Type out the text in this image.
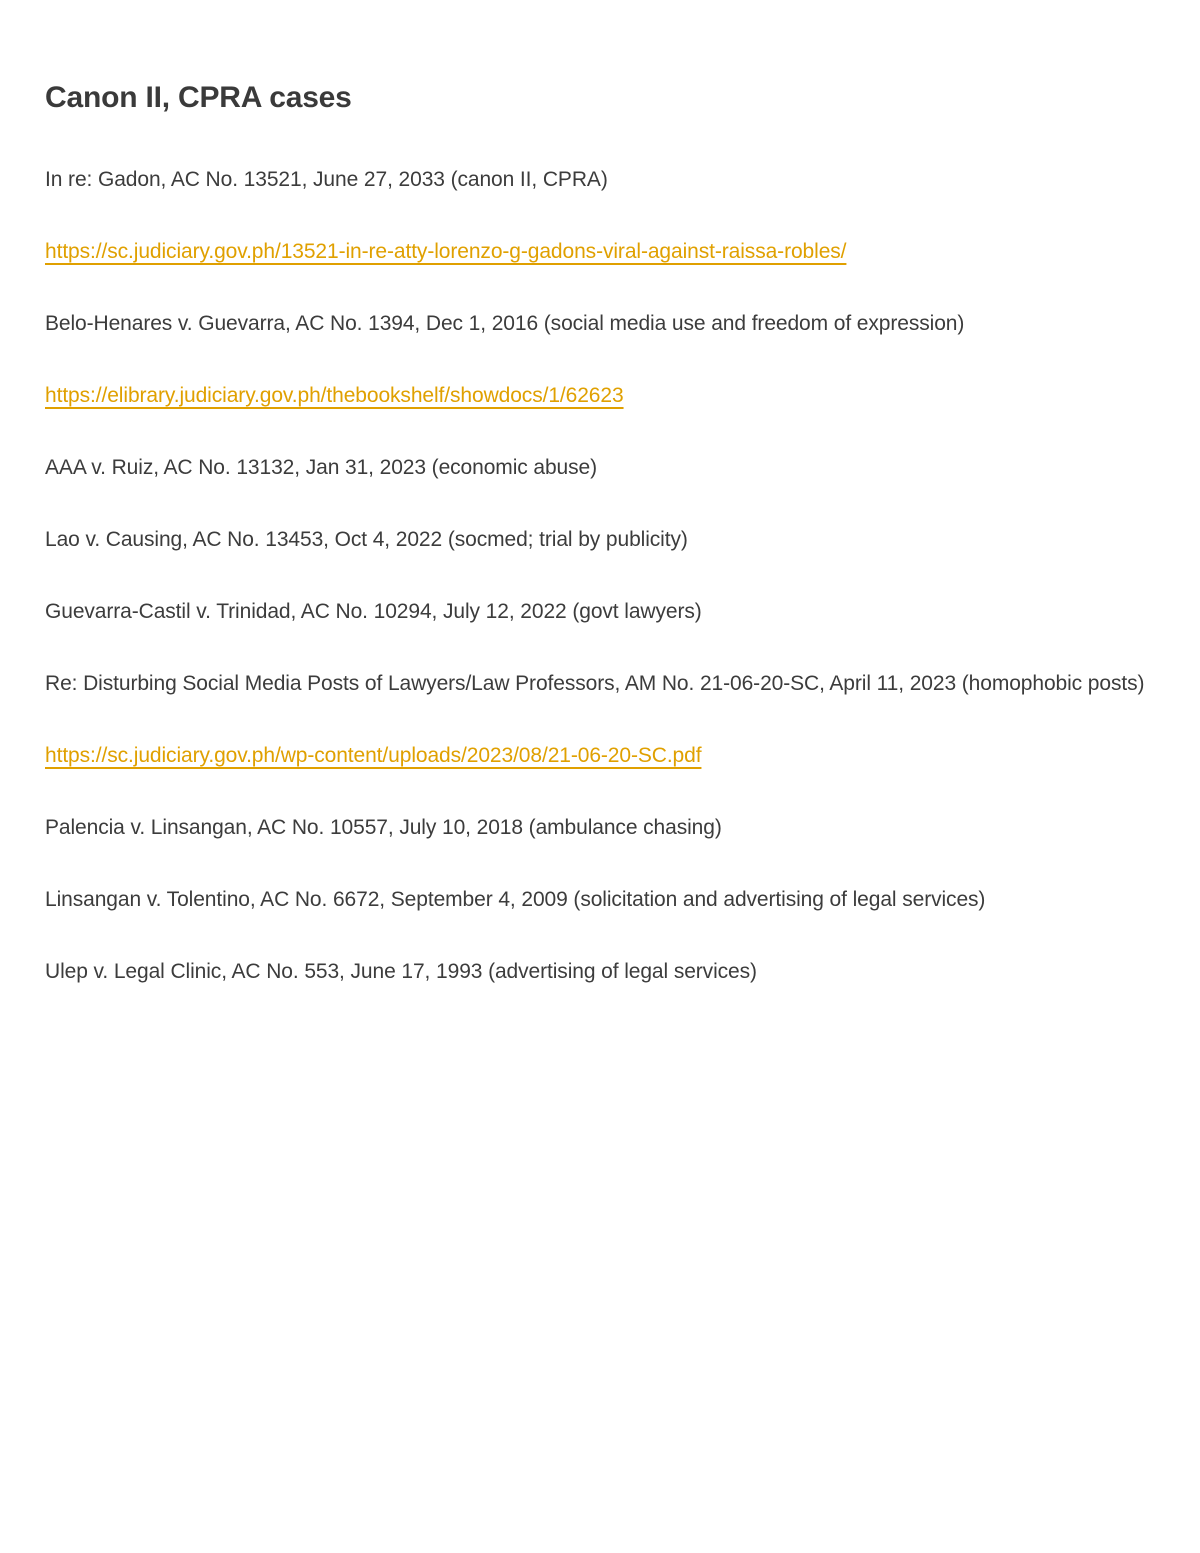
Canon II, CPRA cases

In re: Gadon, AC No. 13521, June 27, 2033 (canon II, CPRA)

https://sc.judiciary.gov.ph/13521-in-re-atty-lorenzo-g-gadons-viral-against-raissa-robles/

Belo-Henares v. Guevarra, AC No. 1394, Dec 1, 2016 (social media use and freedom of expression)

https://elibrary.judiciary.gov.ph/thebookshelf/showdocs/1/62623

AAA v. Ruiz, AC No. 13132, Jan 31, 2023 (economic abuse)

Lao v. Causing, AC No. 13453, Oct 4, 2022 (socmed; trial by publicity)

Guevarra-Castil v. Trinidad, AC No. 10294, July 12, 2022 (govt lawyers)

Re: Disturbing Social Media Posts of Lawyers/Law Professors, AM No. 21-06-20-SC, April 11, 2023 (homophobic posts)

https://sc.judiciary.gov.ph/wp-content/uploads/2023/08/21-06-20-SC.pdf

Palencia v. Linsangan, AC No. 10557, July 10, 2018 (ambulance chasing)

Linsangan v. Tolentino, AC No. 6672, September 4, 2009 (solicitation and advertising of legal services)

Ulep v. Legal Clinic, AC No. 553, June 17, 1993 (advertising of legal services)
